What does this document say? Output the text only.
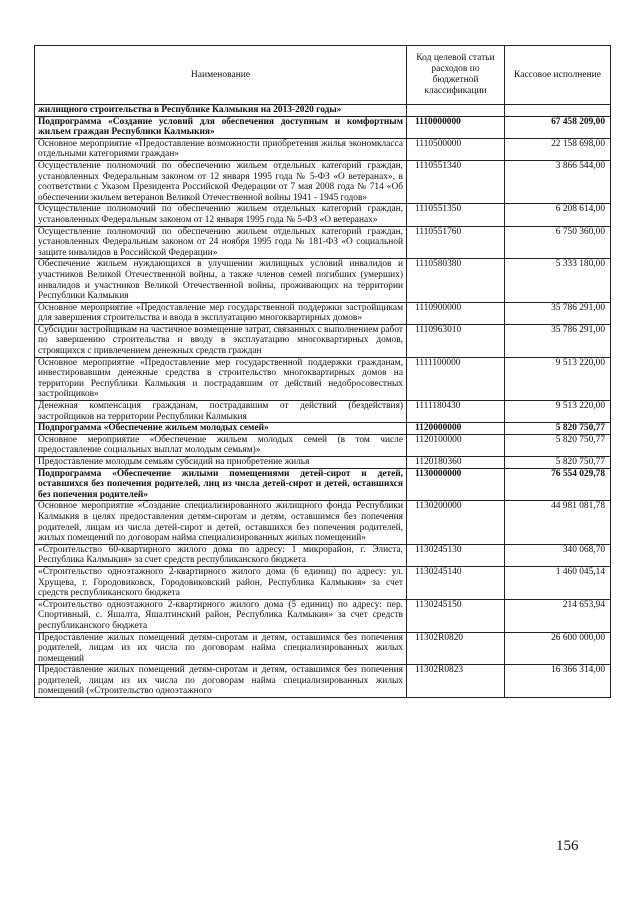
Наименование	Код целевой статьи расходов по бюджетной классификации	Кассовое исполнение
жилищного строительства в Республике Калмыкия на 2013-2020 годы»		
Подпрограмма «Создание условий для обеспечения доступным и комфортным жильем граждан Республики Калмыкия»	1110000000	67 458 209,00
Основное мероприятие «Предоставление возможности приобретения жилья экономкласса отдельными категориями граждан»	1110500000	22 158 698,00
Осуществление полномочий по обеспечению жильем отдельных категорий граждан, установленных Федеральным законом от 12 января 1995 года № 5-ФЗ «О ветеранах», в соответствии с Указом Президента Российской Федерации от 7 мая 2008 года № 714 «Об обеспечении жильем ветеранов Великой Отечественной войны 1941 - 1945 годов»	1110551340	3 866 544,00
Осуществление полномочий по обеспечению жильем отдельных категорий граждан, установленных Федеральным законом от 12 января 1995 года № 5-ФЗ «О ветеранах»	1110551350	6 208 614,00
Осуществление полномочий по обеспечению жильем отдельных категорий граждан, установленных Федеральным законом от 24 ноября 1995 года № 181-ФЗ «О социальной защите инвалидов в Российской Федерации»	1110551760	6 750 360,00
Обеспечение жильем нуждающихся в улучшении жилищных условий инвалидов и участников Великой Отечественной войны, а также членов семей погибших (умерших) инвалидов и участников Великой Отечественной войны, проживающих на территории Республики Калмыкия	1110580380	5 333 180,00
Основное мероприятие «Предоставление мер государственной поддержки застройщикам для завершения строительства и ввода в эксплуатацию многоквартирных домов»	1110900000	35 786 291,00
Субсидии застройщикам на частичное возмещение затрат, связанных с выполнением работ по завершению строительства и вводу в эксплуатацию многоквартирных домов, строящихся с привлечением денежных средств граждан	1110963010	35 786 291,00
Основное мероприятие «Предоставление мер государственной поддержки гражданам, инвестировавшим денежные средства в строительство многоквартирных домов на территории Республики Калмыкия и пострадавшим от действий недобросовестных застройщиков»	1111100000	9 513 220,00
Денежная компенсация гражданам, пострадавшим от действий (бездействия) застройщиков на территории Республики Калмыкия	1111180430	9 513 220,00
Подпрограмма «Обеспечение жильем молодых семей»	1120000000	5 820 750,77
Основное мероприятие «Обеспечение жильем молодых семей (в том числе предоставление социальных выплат молодым семьям)»	1120100000	5 820 750,77
Предоставление молодым семьям субсидий на приобретение жилья	1120180360	5 820 750,77
Подпрограмма «Обеспечение жилыми помещениями детей-сирот и детей, оставшихся без попечения родителей, лиц из числа детей-сирот и детей, оставшихся без попечения родителей»	1130000000	76 554 029,78
Основное мероприятие «Создание специализированного жилищного фонда Республики Калмыкия в целях предоставления детям-сиротам и детям, оставшимся без попечения родителей, лицам из числа детей-сирот и детей, оставшихся без попечения родителей, жилых помещений по договорам найма специализированных жилых помещений»	1130200000	44 981 081,78
«Строительство 60-квартирного жилого дома по адресу: 1 микрорайон, г. Элиста, Республика Калмыкия» за счет средств республиканского бюджета	1130245130	340 068,70
«Строительство одноэтажного 2-квартирного жилого дома (6 единиц) по адресу: ул. Хрущева, г. Городовиковск, Городовиковский район, Республика Калмыкия» за счет средств республиканского бюджета	1130245140	1 460 045,14
«Строительство одноэтажного 2-квартирного жилого дома (5 единиц) по адресу: пер. Спортивный, с. Яшалта, Яшалтинский район, Республика Калмыкия» за счет средств республиканского бюджета	1130245150	214 653,94
Предоставление жилых помещений детям-сиротам и детям, оставшимся без попечения родителей, лицам из их числа по договорам найма специализированных жилых помещений	11302R0820	26 600 000,00
Предоставление жилых помещений детям-сиротам и детям, оставшимся без попечения родителей, лицам из их числа по договорам найма специализированных жилых помещений («Строительство одноэтажного	11302R0823	16 366 314,00
156
